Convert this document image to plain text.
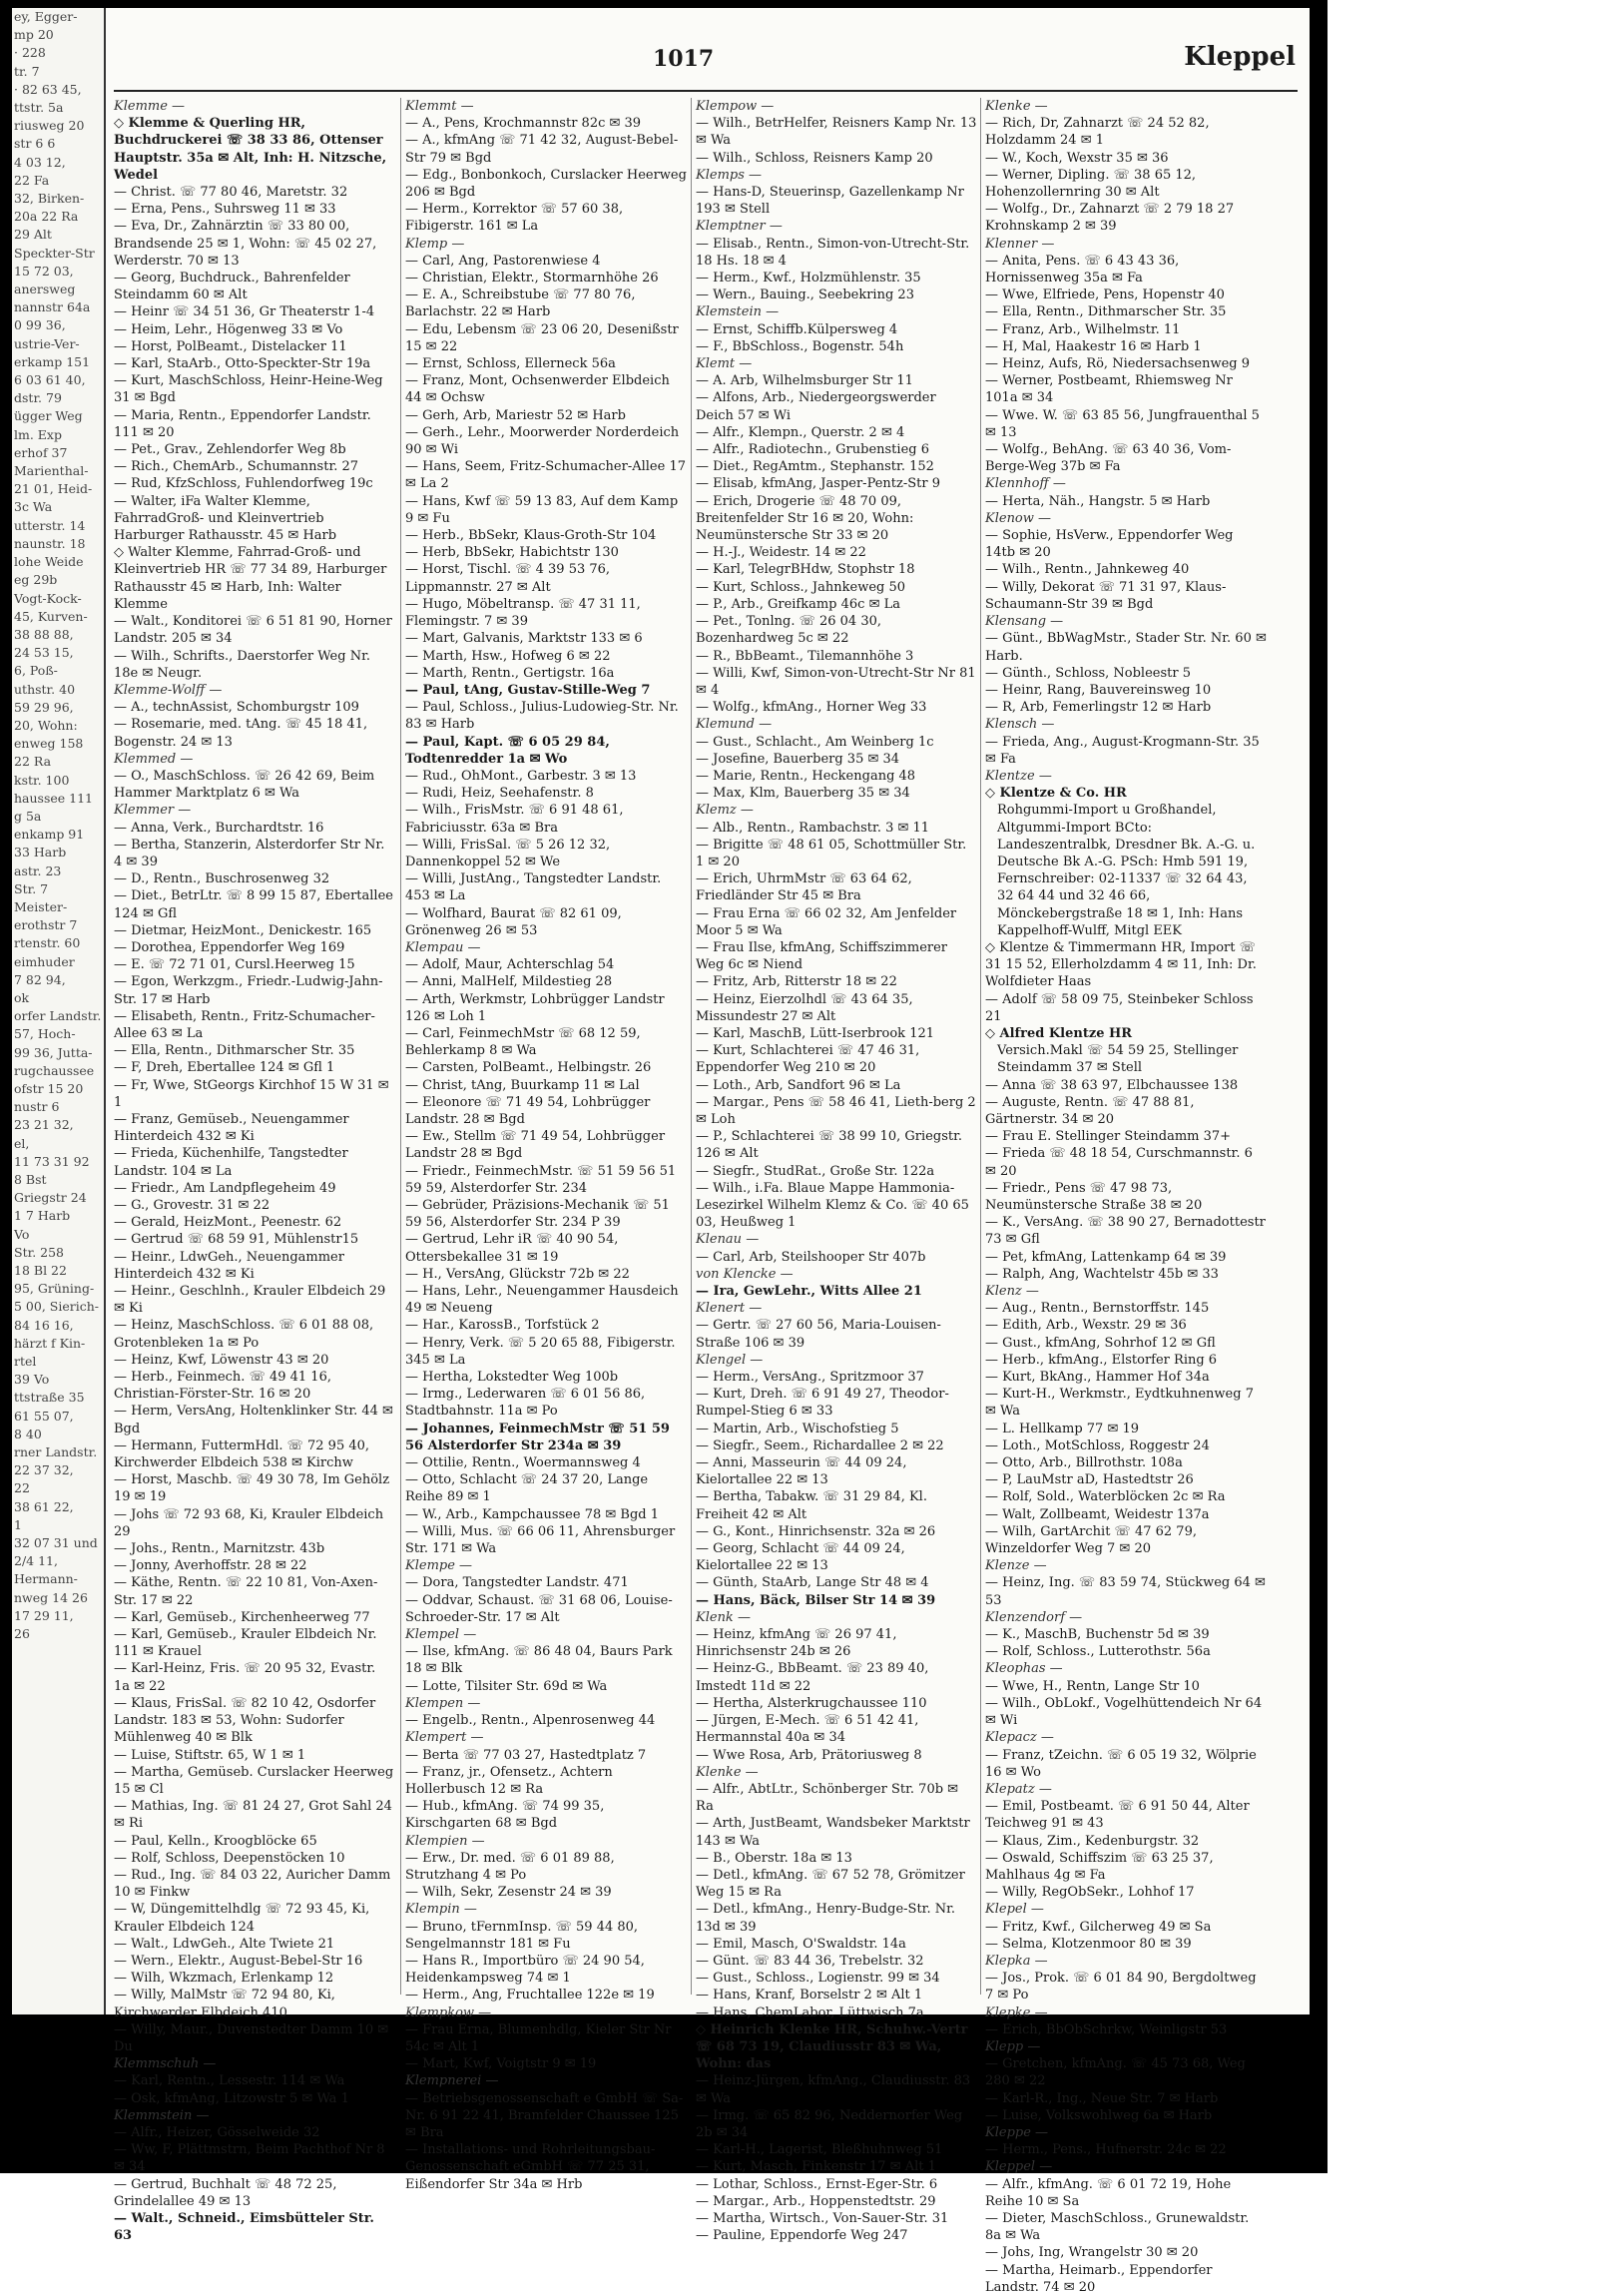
ey, Egger-
mp 20
· 228
tr. 7
· 82 63 45,
ttstr. 5a
riusweg 20
str 6 6
4 03 12,
22 Fa
32, Birken-
20a 22 Ra
29 Alt
Speckter-Str
15 72 03,
anersweg
nannstr 64a
0 99 36,
ustrie-Ver-
erkamp 151
6 03 61 40,
dstr. 79
ügger Weg
lm. Exp
erhof 37
Marienthal-
21 01, Heid-
3c Wa
utterstr. 14
naunstr. 18
lohe Weide
eg 29b
Vogt-Kock-
45, Kurven-
38 88 88,
24 53 15,
6, Poß-
uthstr. 40
59 29 96,
20, Wohn:
enweg 158
22 Ra
kstr. 100
haussee 111
g 5a
enkamp 91
33 Harb
astr. 23
Str. 7
Meister-
erothstr 7
rtenstr. 60
eimhuder
7 82 94,
ok
orfer Landstr.
57, Hoch-
99 36, Jutta-
rugchaussee
ofstr 15 20
nustr 6
23 21 32,
el,
11 73 31 92
8 Bst
Griegstr 24
1 7 Harb
Vo
Str. 258
18 Bl 22
95, Grüning-
5 00, Sierich-
84 16 16,
härzt f Kin-
rtel
39 Vo
ttstraße 35
61 55 07,
8 40
rner Landstr.
22 37 32,
22
38 61 22,
1
32 07 31 und
2/4 11,
Hermann-
nweg 14 26
17 29 11,
26
1017	Kleppel

Klemme —

◇ Klemme & Querling HR, Buchdruckerei ☏ 38 33 86, Ottenser Hauptstr. 35a ✉ Alt, Inh: H. Nitzsche, Wedel

— Christ. ☏ 77 80 46, Maretstr. 32

— Erna, Pens., Suhrsweg 11 ✉ 33

— Eva, Dr., Zahnärztin ☏ 33 80 00, Brandsende 25 ✉ 1, Wohn: ☏ 45 02 27, Werderstr. 70 ✉ 13

— Georg, Buchdruck., Bahrenfelder Steindamm 60 ✉ Alt

— Heinr ☏ 34 51 36, Gr Theaterstr 1-4

— Heim, Lehr., Högenweg 33 ✉ Vo

— Horst, PolBeamt., Distelacker 11

— Karl, StaArb., Otto-Speckter-Str 19a

— Kurt, MaschSchloss, Heinr-Heine-Weg 31 ✉ Bgd

— Maria, Rentn., Eppendorfer Landstr. 111 ✉ 20

— Pet., Grav., Zehlendorfer Weg 8b

— Rich., ChemArb., Schumannstr. 27

— Rud, KfzSchloss, Fuhlendorfweg 19c

— Walter, iFa Walter Klemme, FahrradGroß- und Kleinvertrieb Harburger Rathausstr. 45 ✉ Harb

◇ Walter Klemme, Fahrrad-Groß- und Kleinvertrieb HR ☏ 77 34 89, Harburger Rathausstr 45 ✉ Harb, Inh: Walter Klemme

— Walt., Konditorei ☏ 6 51 81 90, Horner Landstr. 205 ✉ 34

— Wilh., Schrifts., Daerstorfer Weg Nr. 18e ✉ Neugr.

Klemme-Wolff —

— A., technAssist, Schomburgstr 109

— Rosemarie, med. tAng. ☏ 45 18 41, Bogenstr. 24 ✉ 13

Klemmed —

— O., MaschSchloss. ☏ 26 42 69, Beim Hammer Marktplatz 6 ✉ Wa

Klemmer —

— Anna, Verk., Burchardtstr. 16

— Bertha, Stanzerin, Alsterdorfer Str Nr. 4 ✉ 39

— D., Rentn., Buschrosenweg 32

— Diet., BetrLtr. ☏ 8 99 15 87, Ebertallee 124 ✉ Gfl

— Dietmar, HeizMont., Denickestr. 165

— Dorothea, Eppendorfer Weg 169

— E. ☏ 72 71 01, Cursl.Heerweg 15

— Egon, Werkzgm., Friedr.-Ludwig-Jahn-Str. 17 ✉ Harb

— Elisabeth, Rentn., Fritz-Schumacher-Allee 63 ✉ La

— Ella, Rentn., Dithmarscher Str. 35

— F, Dreh, Ebertallee 124 ✉ Gfl 1

— Fr, Wwe, StGeorgs Kirchhof 15 W 31 ✉ 1

— Franz, Gemüseb., Neuengammer Hinterdeich 432 ✉ Ki

— Frieda, Küchenhilfe, Tangstedter Landstr. 104 ✉ La

— Friedr., Am Landpflegeheim 49

— G., Grovestr. 31 ✉ 22

— Gerald, HeizMont., Peenestr. 62

— Gertrud ☏ 68 59 91, Mühlenstr15

— Heinr., LdwGeh., Neuengammer Hinterdeich 432 ✉ Ki

— Heinr., Geschlnh., Krauler Elbdeich 29 ✉ Ki

— Heinz, MaschSchloss. ☏ 6 01 88 08, Grotenbleken 1a ✉ Po

— Heinz, Kwf, Löwenstr 43 ✉ 20

— Herb., Feinmech. ☏ 49 41 16, Christian-Förster-Str. 16 ✉ 20

— Herm, VersAng, Holtenklinker Str. 44 ✉ Bgd

— Hermann, FuttermHdl. ☏ 72 95 40, Kirchwerder Elbdeich 538 ✉ Kirchw

— Horst, Maschb. ☏ 49 30 78, Im Gehölz 19 ✉ 19

— Johs ☏ 72 93 68, Ki, Krauler Elbdeich 29

— Johs., Rentn., Marnitzstr. 43b

— Jonny, Averhoffstr. 28 ✉ 22

— Käthe, Rentn. ☏ 22 10 81, Von-Axen-Str. 17 ✉ 22

— Karl, Gemüseb., Kirchenheerweg 77

— Karl, Gemüseb., Krauler Elbdeich Nr. 111 ✉ Krauel

— Karl-Heinz, Fris. ☏ 20 95 32, Evastr. 1a ✉ 22

— Klaus, FrisSal. ☏ 82 10 42, Osdorfer Landstr. 183 ✉ 53, Wohn: Sudorfer Mühlenweg 40 ✉ Blk

— Luise, Stiftstr. 65, W 1 ✉ 1

— Martha, Gemüseb. Curslacker Heerweg 15 ✉ Cl

— Mathias, Ing. ☏ 81 24 27, Grot Sahl 24 ✉ Ri

— Paul, Kelln., Kroogblöcke 65

— Rolf, Schloss, Deepenstöcken 10

— Rud., Ing. ☏ 84 03 22, Auricher Damm 10 ✉ Finkw

— W, Düngemittelhdlg ☏ 72 93 45, Ki, Krauler Elbdeich 124

— Walt., LdwGeh., Alte Twiete 21

— Wern., Elektr., August-Bebel-Str 16

— Wilh, Wkzmach, Erlenkamp 12

— Willy, MalMstr ☏ 72 94 80, Ki, Kirchwerder Elbdeich 410

— Willy, Maur., Duvenstedter Damm 10 ✉ Du

Klemmschuh —

— Karl, Rentn., Lessestr. 114 ✉ Wa

— Osk, kfmAng, Litzowstr 5 ✉ Wa 1

Klemmstein —

— Alfr., Heizer, Gösselweide 32

— Ww, F, Plättmstrn, Beim Pachthof Nr 8 ✉ 34

— Gertrud, Buchhalt ☏ 48 72 25, Grindelallee 49 ✉ 13

— Walt., Schneid., Eimsbütteler Str. 63

Klemmt —

— A., Pens, Krochmannstr 82c ✉ 39

— A., kfmAng ☏ 71 42 32, August-Bebel-Str 79 ✉ Bgd

— Edg., Bonbonkoch, Curslacker Heerweg 206 ✉ Bgd

— Herm., Korrektor ☏ 57 60 38, Fibigerstr. 161 ✉ La

Klemp —

— Carl, Ang, Pastorenwiese 4

— Christian, Elektr., Stormarnhöhe 26

— E. A., Schreibstube ☏ 77 80 76, Barlachstr. 22 ✉ Harb

— Edu, Lebensm ☏ 23 06 20, Desenißstr 15 ✉ 22

— Ernst, Schloss, Ellerneck 56a

— Franz, Mont, Ochsenwerder Elbdeich 44 ✉ Ochsw

— Gerh, Arb, Mariestr 52 ✉ Harb

— Gerh., Lehr., Moorwerder Norderdeich 90 ✉ Wi

— Hans, Seem, Fritz-Schumacher-Allee 17 ✉ La 2

— Hans, Kwf ☏ 59 13 83, Auf dem Kamp 9 ✉ Fu

— Herb., BbSekr, Klaus-Groth-Str 104

— Herb, BbSekr, Habichtstr 130

— Horst, Tischl. ☏ 4 39 53 76, Lippmannstr. 27 ✉ Alt

— Hugo, Möbeltransp. ☏ 47 31 11, Flemingstr. 7 ✉ 39

— Mart, Galvanis, Marktstr 133 ✉ 6

— Marth, Hsw., Hofweg 6 ✉ 22

— Marth, Rentn., Gertigstr. 16a

— Paul, tAng, Gustav-Stille-Weg 7

— Paul, Schloss., Julius-Ludowieg-Str. Nr. 83 ✉ Harb

— Paul, Kapt. ☏ 6 05 29 84, Todtenredder 1a ✉ Wo

— Rud., OhMont., Garbestr. 3 ✉ 13

— Rudi, Heiz, Seehafenstr. 8

— Wilh., FrisMstr. ☏ 6 91 48 61, Fabriciusstr. 63a ✉ Bra

— Willi, FrisSal. ☏ 5 26 12 32, Dannenkoppel 52 ✉ We

— Willi, JustAng., Tangstedter Landstr. 453 ✉ La

— Wolfhard, Baurat ☏ 82 61 09, Grönenweg 26 ✉ 53

Klempau —

— Adolf, Maur, Achterschlag 54

— Anni, MalHelf, Mildestieg 28

— Arth, Werkmstr, Lohbrügger Landstr 126 ✉ Loh 1

— Carl, FeinmechMstr ☏ 68 12 59, Behlerkamp 8 ✉ Wa

— Carsten, PolBeamt., Helbingstr. 26

— Christ, tAng, Buurkamp 11 ✉ Lal

— Eleonore ☏ 71 49 54, Lohbrügger Landstr. 28 ✉ Bgd

— Ew., Stellm ☏ 71 49 54, Lohbrügger Landstr 28 ✉ Bgd

— Friedr., FeinmechMstr. ☏ 51 59 56 51 59 59, Alsterdorfer Str. 234

— Gebrüder, Präzisions-Mechanik ☏ 51 59 56, Alsterdorfer Str. 234 P 39

— Gertrud, Lehr iR ☏ 40 90 54, Ottersbekallee 31 ✉ 19

— H., VersAng, Glückstr 72b ✉ 22

— Hans, Lehr., Neuengammer Hausdeich 49 ✉ Neueng

— Har., KarossB., Torfstück 2

— Henry, Verk. ☏ 5 20 65 88, Fibigerstr. 345 ✉ La

— Hertha, Lokstedter Weg 100b

— Irmg., Lederwaren ☏ 6 01 56 86, Stadtbahnstr. 11a ✉ Po

— Johannes, FeinmechMstr ☏ 51 59 56 Alsterdorfer Str 234a ✉ 39

— Ottilie, Rentn., Woermannsweg 4

— Otto, Schlacht ☏ 24 37 20, Lange Reihe 89 ✉ 1

— W., Arb., Kampchaussee 78 ✉ Bgd 1

— Willi, Mus. ☏ 66 06 11, Ahrensburger Str. 171 ✉ Wa

Klempe —

— Dora, Tangstedter Landstr. 471

— Oddvar, Schaust. ☏ 31 68 06, Louise-Schroeder-Str. 17 ✉ Alt

Klempel —

— Ilse, kfmAng. ☏ 86 48 04, Baurs Park 18 ✉ Blk

— Lotte, Tilsiter Str. 69d ✉ Wa

Klempen —

— Engelb., Rentn., Alpenrosenweg 44

Klempert —

— Berta ☏ 77 03 27, Hastedtplatz 7

— Franz, jr., Ofensetz., Achtern Hollerbusch 12 ✉ Ra

— Hub., kfmAng. ☏ 74 99 35, Kirschgarten 68 ✉ Bgd

Klempien —

— Erw., Dr. med. ☏ 6 01 89 88, Strutzhang 4 ✉ Po

— Wilh, Sekr, Zesenstr 24 ✉ 39

Klempin —

— Bruno, tFernmInsp. ☏ 59 44 80, Sengelmannstr 181 ✉ Fu

— Hans R., Importbüro ☏ 24 90 54, Heidenkampsweg 74 ✉ 1

— Herm., Ang, Fruchtallee 122e ✉ 19

Klempkow —

— Frau Erna, Blumenhdlg, Kieler Str Nr 54c ✉ Alt 1

— Mart, Kwf, Voigtstr 9 ✉ 19

Klempnerei —

— Betriebsgenossenschaft e GmbH ☏ Sa-Nr. 6 91 22 41, Bramfelder Chaussee 125 ✉ Bra

— Installations- und Rohrleitungsbau-Genossenschaft eGmbH ☏ 77 25 31, Eißendorfer Str 34a ✉ Hrb

Klempow —

— Wilh., BetrHelfer, Reisners Kamp Nr. 13 ✉ Wa

— Wilh., Schloss, Reisners Kamp 20

Klemps —

— Hans-D, Steuerinsp, Gazellenkamp Nr 193 ✉ Stell

Klemptner —

— Elisab., Rentn., Simon-von-Utrecht-Str. 18 Hs. 18 ✉ 4

— Herm., Kwf., Holzmühlenstr. 35

— Wern., Bauing., Seebekring 23

Klemstein —

— Ernst, Schiffb.Külpersweg 4

— F., BbSchloss., Bogenstr. 54h

Klemt —

— A. Arb, Wilhelmsburger Str 11

— Alfons, Arb., Niedergeorgswerder Deich 57 ✉ Wi

— Alfr., Klempn., Querstr. 2 ✉ 4

— Alfr., Radiotechn., Grubenstieg 6

— Diet., RegAmtm., Stephanstr. 152

— Elisab, kfmAng, Jasper-Pentz-Str 9

— Erich, Drogerie ☏ 48 70 09, Breitenfelder Str 16 ✉ 20, Wohn: Neumünstersche Str 33 ✉ 20

— H.-J., Weidestr. 14 ✉ 22

— Karl, TelegrBHdw, Stophstr 18

— Kurt, Schloss., Jahnkeweg 50

— P., Arb., Greifkamp 46c ✉ La

— Pet., Tonlng. ☏ 26 04 30, Bozenhardweg 5c ✉ 22

— R., BbBeamt., Tilemannhöhe 3

— Willi, Kwf, Simon-von-Utrecht-Str Nr 81 ✉ 4

— Wolfg., kfmAng., Horner Weg 33

Klemund —

— Gust., Schlacht., Am Weinberg 1c

— Josefine, Bauerberg 35 ✉ 34

— Marie, Rentn., Heckengang 48

— Max, Klm, Bauerberg 35 ✉ 34

Klemz —

— Alb., Rentn., Rambachstr. 3 ✉ 11

— Brigitte ☏ 48 61 05, Schottmüller Str. 1 ✉ 20

— Erich, UhrmMstr ☏ 63 64 62, Friedländer Str 45 ✉ Bra

— Frau Erna ☏ 66 02 32, Am Jenfelder Moor 5 ✉ Wa

— Frau Ilse, kfmAng, Schiffszimmerer Weg 6c ✉ Niend

— Fritz, Arb, Ritterstr 18 ✉ 22

— Heinz, Eierzolhdl ☏ 43 64 35, Missundestr 27 ✉ Alt

— Karl, MaschB, Lütt-Iserbrook 121

— Kurt, Schlachterei ☏ 47 46 31, Eppendorfer Weg 210 ✉ 20

— Loth., Arb, Sandfort 96 ✉ La

— Margar., Pens ☏ 58 46 41, Lieth-berg 2 ✉ Loh

— P., Schlachterei ☏ 38 99 10, Griegstr. 126 ✉ Alt

— Siegfr., StudRat., Große Str. 122a

— Wilh., i.Fa. Blaue Mappe Hammonia-Lesezirkel Wilhelm Klemz & Co. ☏ 40 65 03, Heußweg 1

Klenau —

— Carl, Arb, Steilshooper Str 407b

von Klencke —

— Ira, GewLehr., Witts Allee 21

Klenert —

— Gertr. ☏ 27 60 56, Maria-Louisen-Straße 106 ✉ 39

Klengel —

— Herm., VersAng., Spritzmoor 37

— Kurt, Dreh. ☏ 6 91 49 27, Theodor-Rumpel-Stieg 6 ✉ 33

— Martin, Arb., Wischofstieg 5

— Siegfr., Seem., Richardallee 2 ✉ 22

— Anni, Masseurin ☏ 44 09 24, Kielortallee 22 ✉ 13

— Bertha, Tabakw. ☏ 31 29 84, Kl. Freiheit 42 ✉ Alt

— G., Kont., Hinrichsenstr. 32a ✉ 26

— Georg, Schlacht ☏ 44 09 24, Kielortallee 22 ✉ 13

— Günth, StaArb, Lange Str 48 ✉ 4

— Hans, Bäck, Bilser Str 14 ✉ 39

Klenk —

— Heinz, kfmAng ☏ 26 97 41, Hinrichsenstr 24b ✉ 26

— Heinz-G., BbBeamt. ☏ 23 89 40, Imstedt 11d ✉ 22

— Hertha, Alsterkrugchaussee 110

— Jürgen, E-Mech. ☏ 6 51 42 41, Hermannstal 40a ✉ 34

— Wwe Rosa, Arb, Prätoriusweg 8

Klenke —

— Alfr., AbtLtr., Schönberger Str. 70b ✉ Ra

— Arth, JustBeamt, Wandsbeker Marktstr 143 ✉ Wa

— B., Oberstr. 18a ✉ 13

— Detl., kfmAng. ☏ 67 52 78, Grömitzer Weg 15 ✉ Ra

— Detl., kfmAng., Henry-Budge-Str. Nr. 13d ✉ 39

— Emil, Masch, O'Swaldstr. 14a

— Günt. ☏ 83 44 36, Trebelstr. 32

— Gust., Schloss., Logienstr. 99 ✉ 34

— Hans, Kranf, Borselstr 2 ✉ Alt 1

— Hans, ChemLabor, Lüttwisch 7a

◇ Heinrich Klenke HR, Schuhw.-Vertr ☏ 68 73 19, Claudiusstr 83 ✉ Wa, Wohn: das

— Heinz-Jürgen, kfmAng., Claudiusstr. 83 ✉ Wa

— Irmg. ☏ 65 82 96, Neddernorfer Weg 2b ✉ 34

— Karl-H., Lagerist, Bleßhuhnweg 51

— Kurt, Masch, Finkenstr 17 ✉ Alt 1

— Lothar, Schloss., Ernst-Eger-Str. 6

— Margar., Arb., Hoppenstedtstr. 29

— Martha, Wirtsch., Von-Sauer-Str. 31

— Pauline, Eppendorfe Weg 247

Klenke —

— Rich, Dr, Zahnarzt ☏ 24 52 82, Holzdamm 24 ✉ 1

— W., Koch, Wexstr 35 ✉ 36

— Werner, Dipling. ☏ 38 65 12, Hohenzollernring 30 ✉ Alt

— Wolfg., Dr., Zahnarzt ☏ 2 79 18 27 Krohnskamp 2 ✉ 39

Klenner —

— Anita, Pens. ☏ 6 43 43 36, Hornissenweg 35a ✉ Fa

— Wwe, Elfriede, Pens, Hopenstr 40

— Ella, Rentn., Dithmarscher Str. 35

— Franz, Arb., Wilhelmstr. 11

— H, Mal, Haakestr 16 ✉ Harb 1

— Heinz, Aufs, Rö, Niedersachsenweg 9

— Werner, Postbeamt, Rhiemsweg Nr 101a ✉ 34

— Wwe. W. ☏ 63 85 56, Jungfrauenthal 5 ✉ 13

— Wolfg., BehAng. ☏ 63 40 36, Vom-Berge-Weg 37b ✉ Fa

Klennhoff —

— Herta, Näh., Hangstr. 5 ✉ Harb

Klenow —

— Sophie, HsVerw., Eppendorfer Weg 14tb ✉ 20

— Wilh., Rentn., Jahnkeweg 40

— Willy, Dekorat ☏ 71 31 97, Klaus-Schaumann-Str 39 ✉ Bgd

Klensang —

— Günt., BbWagMstr., Stader Str. Nr. 60 ✉ Harb.

— Günth., Schloss, Nobleestr 5

— Heinr, Rang, Bauvereinsweg 10

— R, Arb, Femerlingstr 12 ✉ Harb

Klensch —

— Frieda, Ang., August-Krogmann-Str. 35 ✉ Fa

Klentze —

◇ Klentze & Co. HR

Rohgummi-Import u Großhandel, Altgummi-Import BCto: Landeszentralbk, Dresdner Bk. A.-G. u. Deutsche Bk A.-G. PSch: Hmb 591 19, Fernschreiber: 02-11337 ☏ 32 64 43, 32 64 44 und 32 46 66, Mönckebergstraße 18 ✉ 1, Inh: Hans Kappelhoff-Wulff, Mitgl EEK

◇ Klentze & Timmermann HR, Import ☏ 31 15 52, Ellerholzdamm 4 ✉ 11, Inh: Dr. Wolfdieter Haas

— Adolf ☏ 58 09 75, Steinbeker Schloss 21

◇ Alfred Klentze HR

Versich.Makl ☏ 54 59 25, Stellinger Steindamm 37 ✉ Stell

— Anna ☏ 38 63 97, Elbchaussee 138

— Auguste, Rentn. ☏ 47 88 81, Gärtnerstr. 34 ✉ 20

— Frau E. Stellinger Steindamm 37+

— Frieda ☏ 48 18 54, Curschmannstr. 6 ✉ 20

— Friedr., Pens ☏ 47 98 73, Neumünstersche Straße 38 ✉ 20

— K., VersAng. ☏ 38 90 27, Bernadottestr 73 ✉ Gfl

— Pet, kfmAng, Lattenkamp 64 ✉ 39

— Ralph, Ang, Wachtelstr 45b ✉ 33

Klenz —

— Aug., Rentn., Bernstorffstr. 145

— Edith, Arb., Wexstr. 29 ✉ 36

— Gust., kfmAng, Sohrhof 12 ✉ Gfl

— Herb., kfmAng., Elstorfer Ring 6

— Kurt, BkAng., Hammer Hof 34a

— Kurt-H., Werkmstr., Eydtkuhnenweg 7 ✉ Wa

— L. Hellkamp 77 ✉ 19

— Loth., MotSchloss, Roggestr 24

— Otto, Arb., Billrothstr. 108a

— P, LauMstr aD, Hastedtstr 26

— Rolf, Sold., Waterblöcken 2c ✉ Ra

— Walt, Zollbeamt, Weidestr 137a

— Wilh, GartArchit ☏ 47 62 79, Winzeldorfer Weg 7 ✉ 20

Klenze —

— Heinz, Ing. ☏ 83 59 74, Stückweg 64 ✉ 53

Klenzendorf —

— K., MaschB, Buchenstr 5d ✉ 39

— Rolf, Schloss., Lutterothstr. 56a

Kleophas —

— Wwe, H., Rentn, Lange Str 10

— Wilh., ObLokf., Vogelhüttendeich Nr 64 ✉ Wi

Klepacz —

— Franz, tZeichn. ☏ 6 05 19 32, Wölprie 16 ✉ Wo

Klepatz —

— Emil, Postbeamt. ☏ 6 91 50 44, Alter Teichweg 91 ✉ 43

— Klaus, Zim., Kedenburgstr. 32

— Oswald, Schiffszim ☏ 63 25 37, Mahlhaus 4g ✉ Fa

— Willy, RegObSekr., Lohhof 17

Klepel —

— Fritz, Kwf., Gilcherweg 49 ✉ Sa

— Selma, Klotzenmoor 80 ✉ 39

Klepka —

— Jos., Prok. ☏ 6 01 84 90, Bergdoltweg 7 ✉ Po

Klepke —

— Erich, BbObSchrkw, Weinligstr 53

Klepp —

— Gretchen, kfmAng. ☏ 45 73 68, Weg 280 ✉ 22

— Karl-R., Ing., Neue Str. 7 ✉ Harb

— Luise, Volkswohlweg 6a ✉ Harb

Kleppe —

— Herm., Pens., Hufnerstr. 24c ✉ 22

Kleppel —

— Alfr., kfmAng. ☏ 6 01 72 19, Hohe Reihe 10 ✉ Sa

— Dieter, MaschSchloss., Grunewaldstr. 8a ✉ Wa

— Johs, Ing, Wrangelstr 30 ✉ 20

— Martha, Heimarb., Eppendorfer Landstr. 74 ✉ 20
